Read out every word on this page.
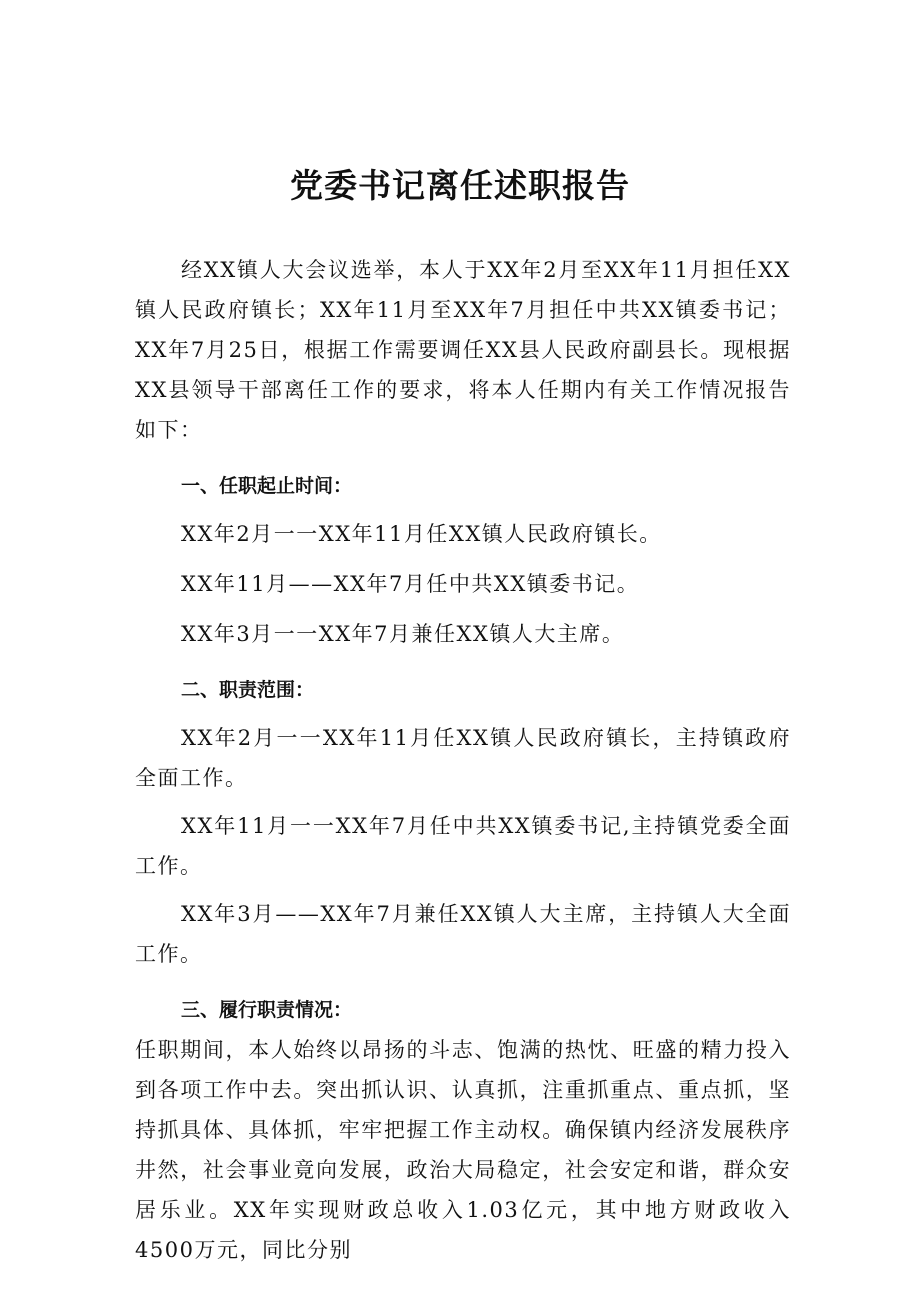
党委书记离任述职报告

经XX镇人大会议选举，本人于XX年2月至XX年11月担任XX镇人民政府镇长；XX年11月至XX年7月担任中共XX镇委书记；XX年7月25日，根据工作需要调任XX县人民政府副县长。现根据XX县领导干部离任工作的要求，将本人任期内有关工作情况报告如下：

一、任职起止时间：

XX年2月一一XX年11月任XX镇人民政府镇长。

XX年11月——XX年7月任中共XX镇委书记。

XX年3月一一XX年7月兼任XX镇人大主席。

二、职责范围：

XX年2月一一XX年11月任XX镇人民政府镇长，主持镇政府全面工作。

XX年11月一一XX年7月任中共XX镇委书记,主持镇党委全面工作。

XX年3月——XX年7月兼任XX镇人大主席，主持镇人大全面工作。

三、履行职责情况：

任职期间，本人始终以昂扬的斗志、饱满的热忱、旺盛的精力投入到各项工作中去。突出抓认识、认真抓，注重抓重点、重点抓，坚持抓具体、具体抓，牢牢把握工作主动权。确保镇内经济发展秩序井然，社会事业竟向发展，政治大局稳定，社会安定和谐，群众安居乐业。XX年实现财政总收入1.03亿元，其中地方财政收入4500万元，同比分别
